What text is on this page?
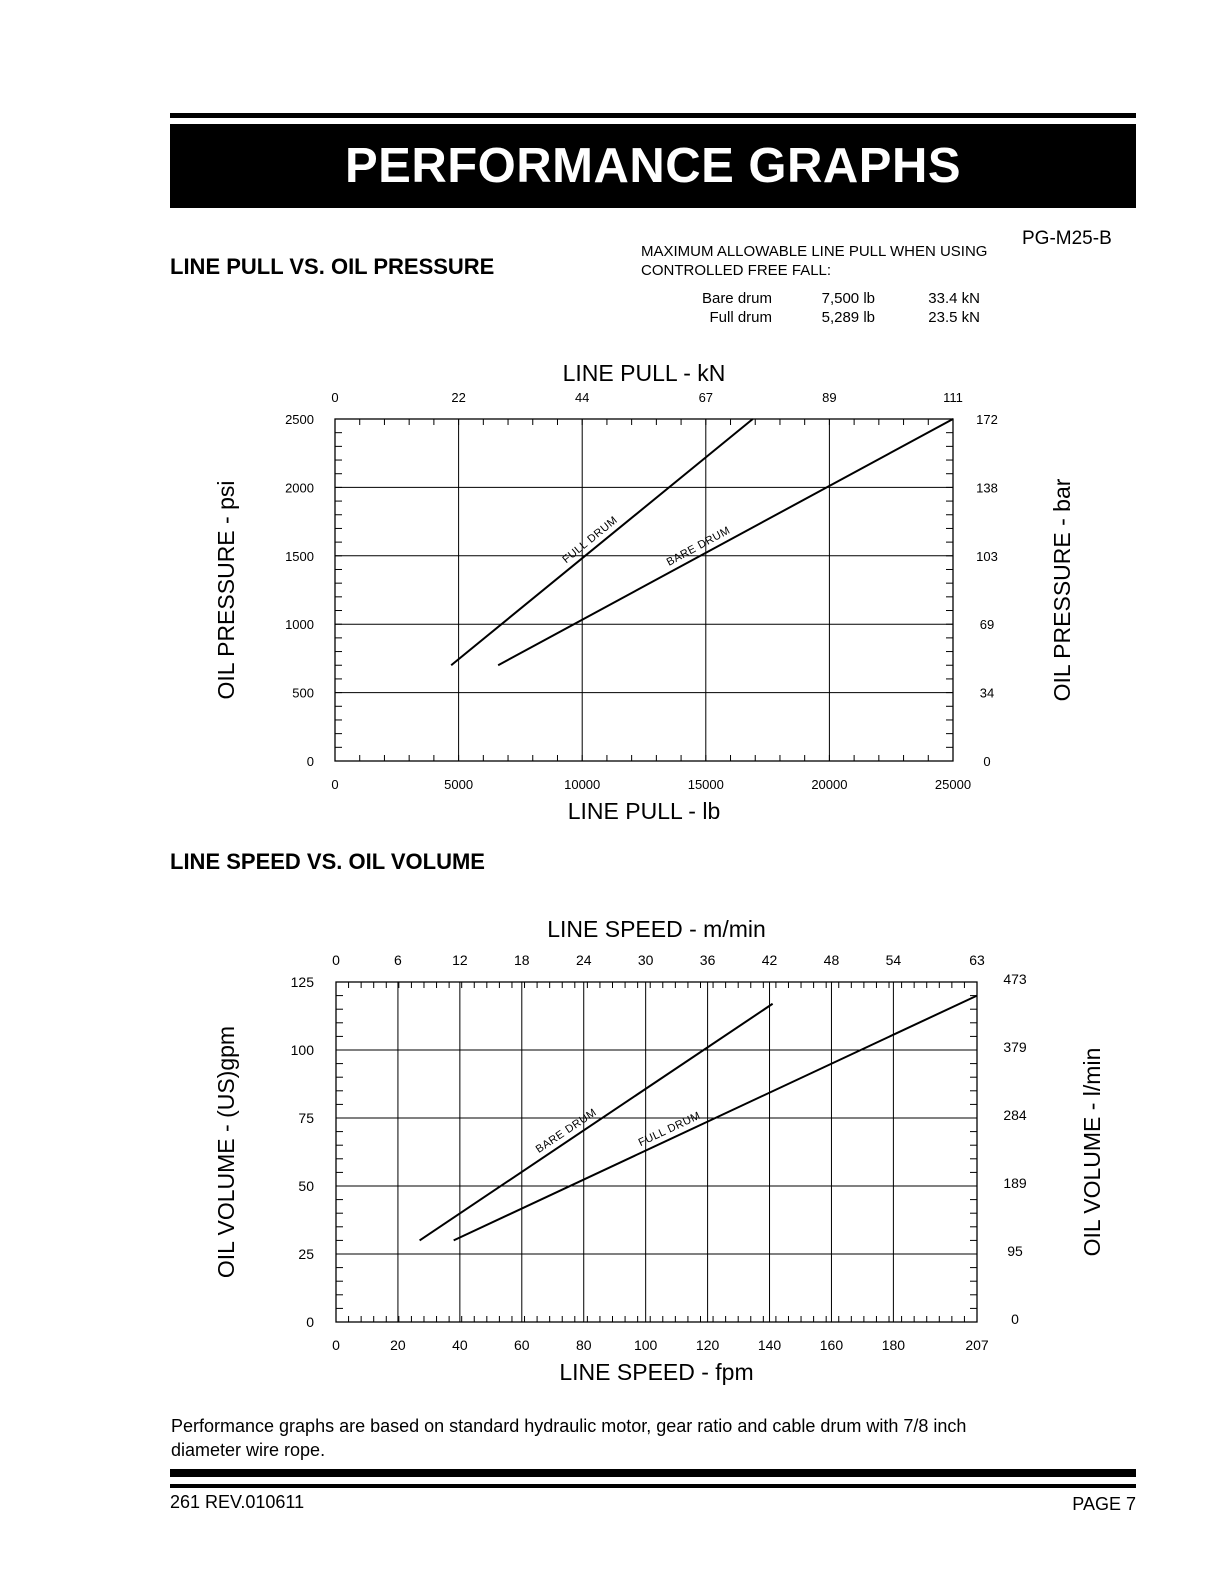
PERFORMANCE GRAPHS
PG-M25-B
LINE PULL VS. OIL PRESSURE
MAXIMUM ALLOWABLE LINE PULL WHEN USING
CONTROLLED FREE FALL:
Bare drum	7,500 lb	33.4 kN
Full drum	5,289 lb	23.5 kN
0	5000	10000	15000	20000	25000
0	22	44	67	89	111
0
500
1000
1500
2000
2500
0
34
69
103
138
172
LINE PULL - lb
LINE PULL - kN
OIL PRESSURE - psi	OIL PRESSURE - bar
FULL DRUM	BARE DRUM
LINE SPEED VS. OIL VOLUME
0	20	40	60	80	100	120	140	160	180	207
0	6	12	18	24	30	36	42	48	54	63
0
25
50
75
100
125
0
95
189
284
379
473
LINE SPEED - fpm
LINE SPEED - m/min
OIL VOLUME - (US)gpm	OIL VOLUME - l/min
BARE DRUM	FULL DRUM
Performance graphs are based on standard hydraulic motor, gear ratio and cable drum with 7/8 inch
diameter wire rope.
261 REV.010611	PAGE 7
